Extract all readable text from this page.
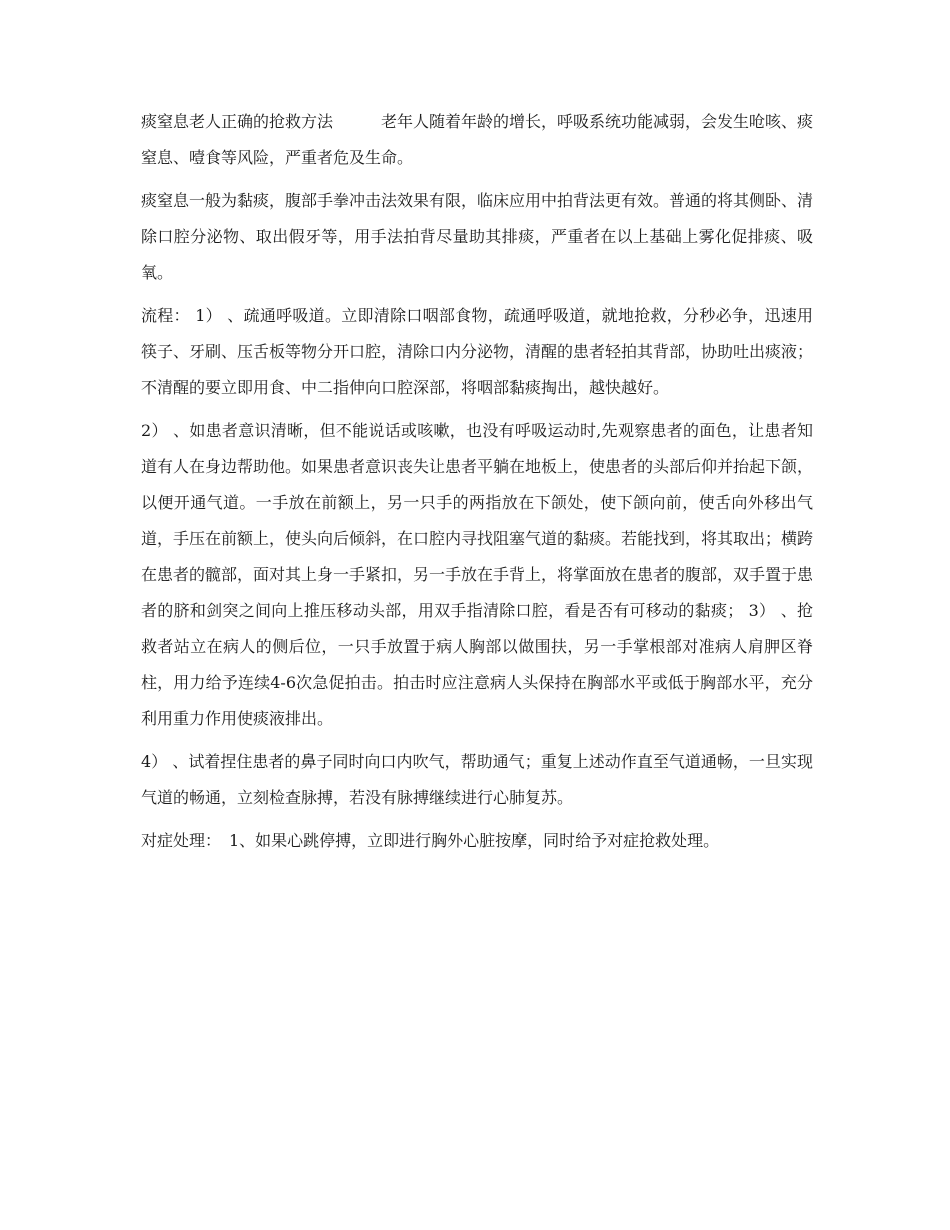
痰窒息老人正确的抢救方法　　　老年人随着年龄的增长，呼吸系统功能减弱，会发生呛咳、痰窒息、噎食等风险，严重者危及生命。

痰窒息一般为黏痰，腹部手拳冲击法效果有限，临床应用中拍背法更有效。普通的将其侧卧、清除口腔分泌物、取出假牙等，用手法拍背尽量助其排痰，严重者在以上基础上雾化促排痰、吸氧。

流程： 1） 、疏通呼吸道。立即清除口咽部食物，疏通呼吸道，就地抢救，分秒必争，迅速用筷子、牙刷、压舌板等物分开口腔，清除口内分泌物，清醒的患者轻拍其背部，协助吐出痰液；不清醒的要立即用食、中二指伸向口腔深部，将咽部黏痰掏出，越快越好。

2） 、如患者意识清晰，但不能说话或咳嗽，也没有呼吸运动时,先观察患者的面色，让患者知道有人在身边帮助他。如果患者意识丧失让患者平躺在地板上，使患者的头部后仰并抬起下颌，以便开通气道。一手放在前额上，另一只手的两指放在下颌处，使下颌向前，使舌向外移出气道，手压在前额上，使头向后倾斜，在口腔内寻找阻塞气道的黏痰。若能找到，将其取出；横跨在患者的髋部，面对其上身一手紧扣，另一手放在手背上，将掌面放在患者的腹部，双手置于患者的脐和剑突之间向上推压移动头部，用双手指清除口腔，看是否有可移动的黏痰； 3） 、抢救者站立在病人的侧后位，一只手放置于病人胸部以做围扶，另一手掌根部对准病人肩胛区脊柱，用力给予连续4-6次急促拍击。拍击时应注意病人头保持在胸部水平或低于胸部水平，充分利用重力作用使痰液排出。

4） 、试着捏住患者的鼻子同时向口内吹气，帮助通气；重复上述动作直至气道通畅，一旦实现气道的畅通，立刻检查脉搏，若没有脉搏继续进行心肺复苏。

对症处理：　1、如果心跳停搏，立即进行胸外心脏按摩，同时给予对症抢救处理。
